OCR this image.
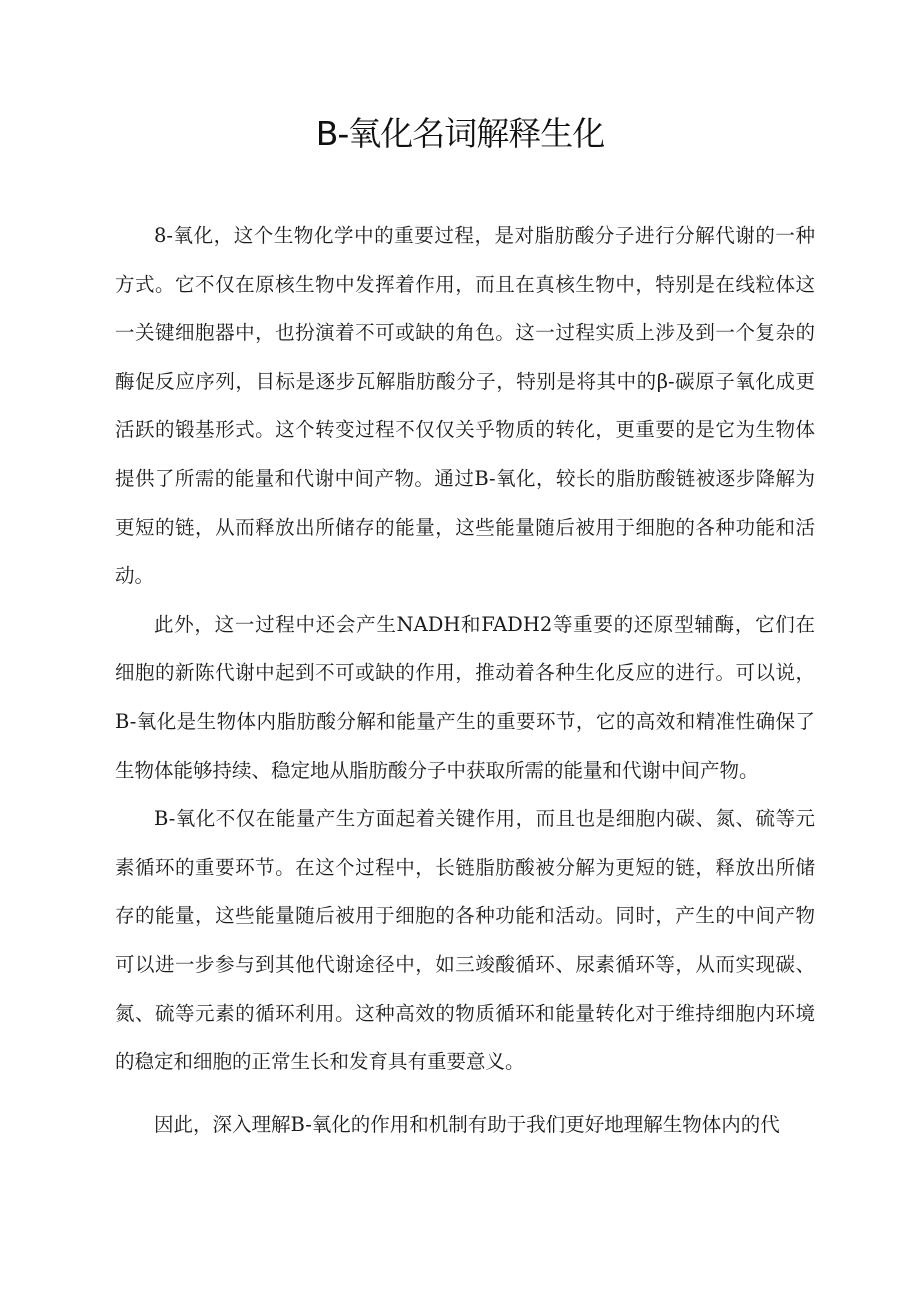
B-氧化名词解释生化

8-氧化，这个生物化学中的重要过程，是对脂肪酸分子进行分解代谢的一种方式。它不仅在原核生物中发挥着作用，而且在真核生物中，特别是在线粒体这一关键细胞器中，也扮演着不可或缺的角色。这一过程实质上涉及到一个复杂的酶促反应序列，目标是逐步瓦解脂肪酸分子，特别是将其中的β-碳原子氧化成更活跃的锻基形式。这个转变过程不仅仅关乎物质的转化，更重要的是它为生物体提供了所需的能量和代谢中间产物。通过B-氧化，较长的脂肪酸链被逐步降解为更短的链，从而释放出所储存的能量，这些能量随后被用于细胞的各种功能和活动。

此外，这一过程中还会产生NADH和FADH2等重要的还原型辅酶，它们在细胞的新陈代谢中起到不可或缺的作用，推动着各种生化反应的进行。可以说，B-氧化是生物体内脂肪酸分解和能量产生的重要环节，它的高效和精准性确保了生物体能够持续、稳定地从脂肪酸分子中获取所需的能量和代谢中间产物。

B-氧化不仅在能量产生方面起着关键作用，而且也是细胞内碳、氮、硫等元素循环的重要环节。在这个过程中，长链脂肪酸被分解为更短的链，释放出所储存的能量，这些能量随后被用于细胞的各种功能和活动。同时，产生的中间产物可以进一步参与到其他代谢途径中，如三竣酸循环、尿素循环等，从而实现碳、氮、硫等元素的循环利用。这种高效的物质循环和能量转化对于维持细胞内环境的稳定和细胞的正常生长和发育具有重要意义。

因此，深入理解B-氧化的作用和机制有助于我们更好地理解生物体内的代
